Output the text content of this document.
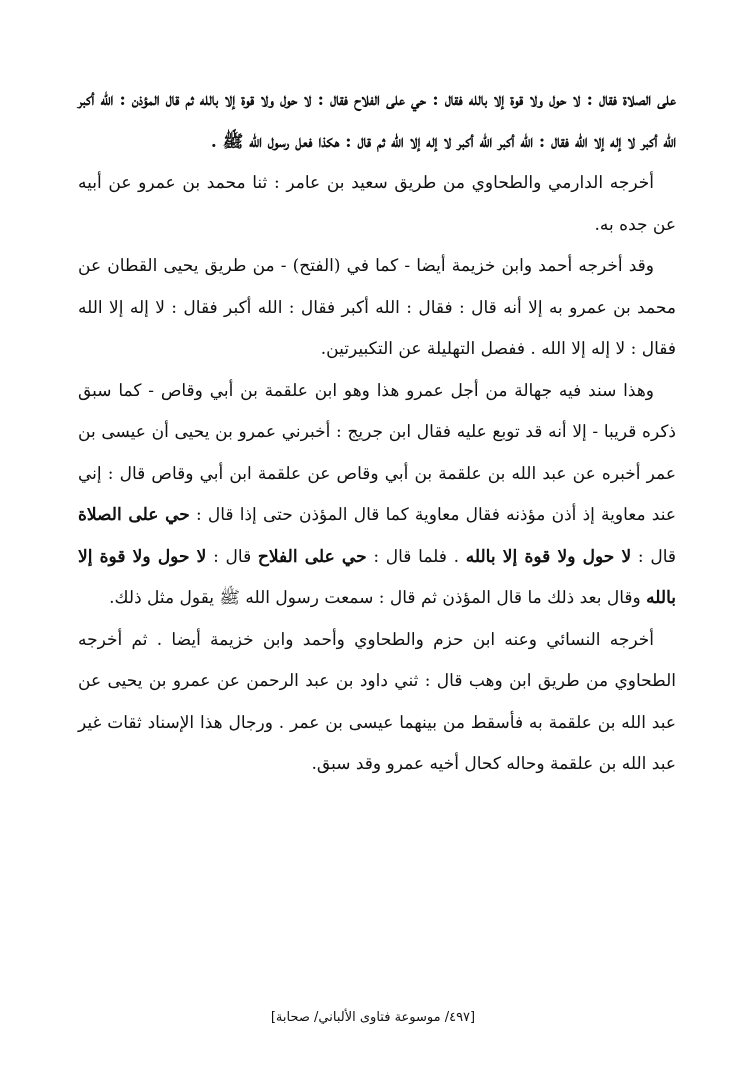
على الصلاة فقال : لا حول ولا قوة إلا بالله فقال : حي على الفلاح فقال : لا حول ولا قوة إلا بالله ثم قال المؤذن : الله أكبر الله أكبر لا إله إلا الله فقال : الله أكبر الله أكبر لا إله إلا الله ثم قال : هكذا فعل رسول الله ﷺ .

أخرجه الدارمي والطحاوي من طريق سعيد بن عامر : ثنا محمد بن عمرو عن أبيه عن جده به.

وقد أخرجه أحمد وابن خزيمة أيضا - كما في (الفتح) - من طريق يحيى القطان عن محمد بن عمرو به إلا أنه قال : فقال : الله أكبر فقال : الله أكبر فقال : لا إله إلا الله فقال : لا إله إلا الله . ففصل التهليلة عن التكبيرتين.

وهذا سند فيه جهالة من أجل عمرو هذا وهو ابن علقمة بن أبي وقاص - كما سبق ذكره قريبا - إلا أنه قد توبع عليه فقال ابن جريج : أخبرني عمرو بن يحيى أن عيسى بن عمر أخبره عن عبد الله بن علقمة بن أبي وقاص عن علقمة ابن أبي وقاص قال : إني عند معاوية إذ أذن مؤذنه فقال معاوية كما قال المؤذن حتى إذا قال : حي على الصلاة قال : لا حول ولا قوة إلا بالله . فلما قال : حي على الفلاح قال : لا حول ولا قوة إلا بالله وقال بعد ذلك ما قال المؤذن ثم قال : سمعت رسول الله ﷺ يقول مثل ذلك.

أخرجه النسائي وعنه ابن حزم والطحاوي وأحمد وابن خزيمة أيضا . ثم أخرجه الطحاوي من طريق ابن وهب قال : ثني داود بن عبد الرحمن عن عمرو بن يحيى عن عبد الله بن علقمة به فأسقط من بينهما عيسى بن عمر . ورجال هذا الإسناد ثقات غير عبد الله بن علقمة وحاله كحال أخيه عمرو وقد سبق.

[٤٩٧/ موسوعة فتاوى الألباني/ صحابة]
